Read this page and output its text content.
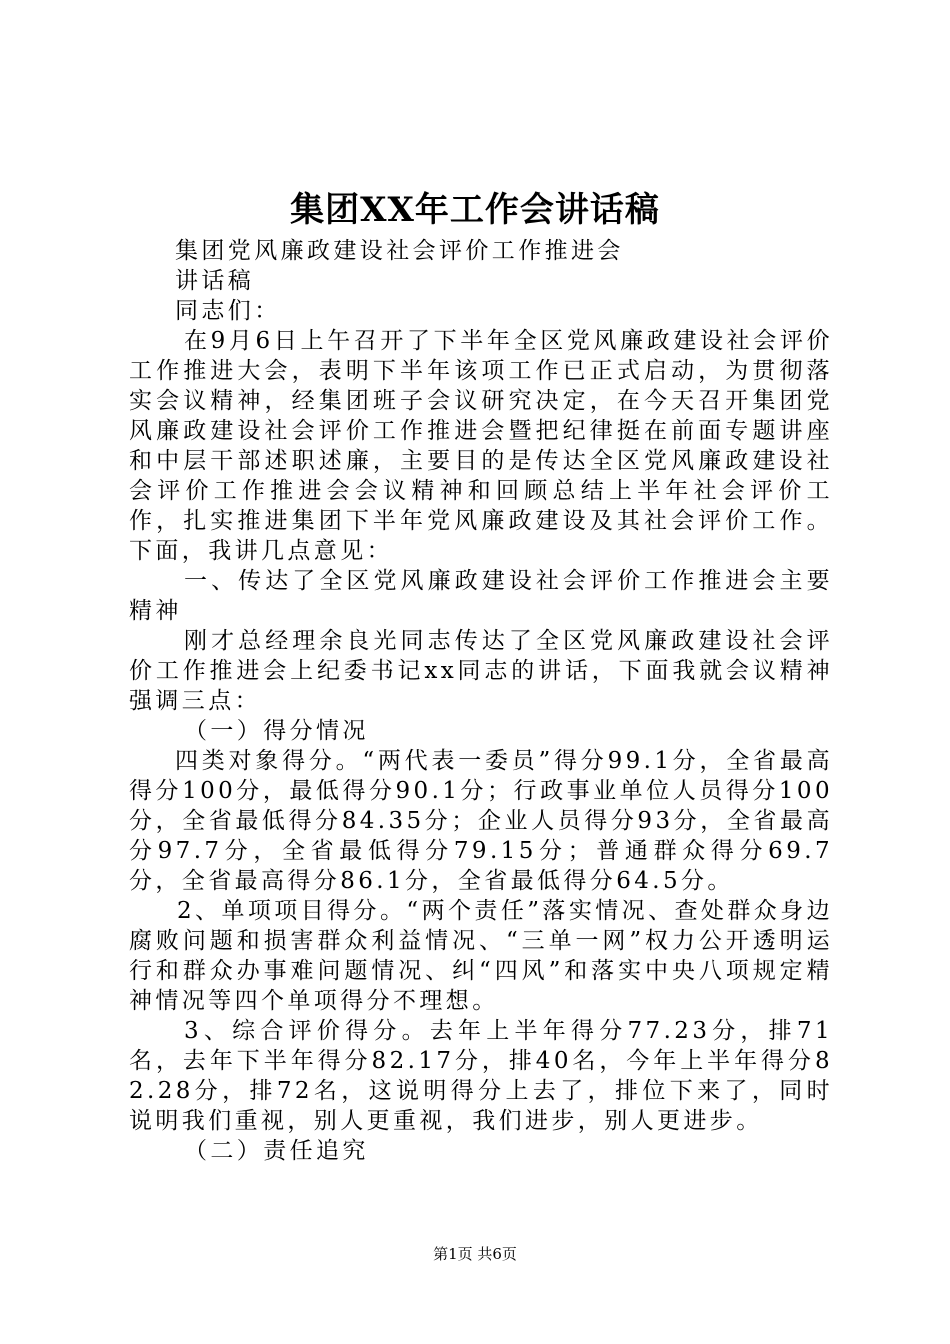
集团XX年工作会讲话稿

集团党风廉政建设社会评价工作推进会

讲话稿

同志们：

在9月6日上午召开了下半年全区党风廉政建设社会评价工作推进大会，表明下半年该项工作已正式启动，为贯彻落实会议精神，经集团班子会议研究决定，在今天召开集团党风廉政建设社会评价工作推进会暨把纪律挺在前面专题讲座和中层干部述职述廉，主要目的是传达全区党风廉政建设社会评价工作推进会会议精神和回顾总结上半年社会评价工作，扎实推进集团下半年党风廉政建设及其社会评价工作。下面，我讲几点意见：

一、传达了全区党风廉政建设社会评价工作推进会主要精神

刚才总经理余良光同志传达了全区党风廉政建设社会评价工作推进会上纪委书记xx同志的讲话，下面我就会议精神强调三点：

（一）得分情况

四类对象得分。“两代表一委员”得分99.1分，全省最高得分100分，最低得分90.1分；行政事业单位人员得分100分，全省最低得分84.35分；企业人员得分93分，全省最高分97.7分，全省最低得分79.15分；普通群众得分69.7分，全省最高得分86.1分，全省最低得分64.5分。

2、单项项目得分。“两个责任”落实情况、查处群众身边腐败问题和损害群众利益情况、“三单一网”权力公开透明运行和群众办事难问题情况、纠“四风”和落实中央八项规定精神情况等四个单项得分不理想。

3、综合评价得分。去年上半年得分77.23分，排71名，去年下半年得分82.17分，排40名，今年上半年得分82.28分，排72名，这说明得分上去了，排位下来了，同时说明我们重视，别人更重视，我们进步，别人更进步。

（二）责任追究

第1页 共6页
